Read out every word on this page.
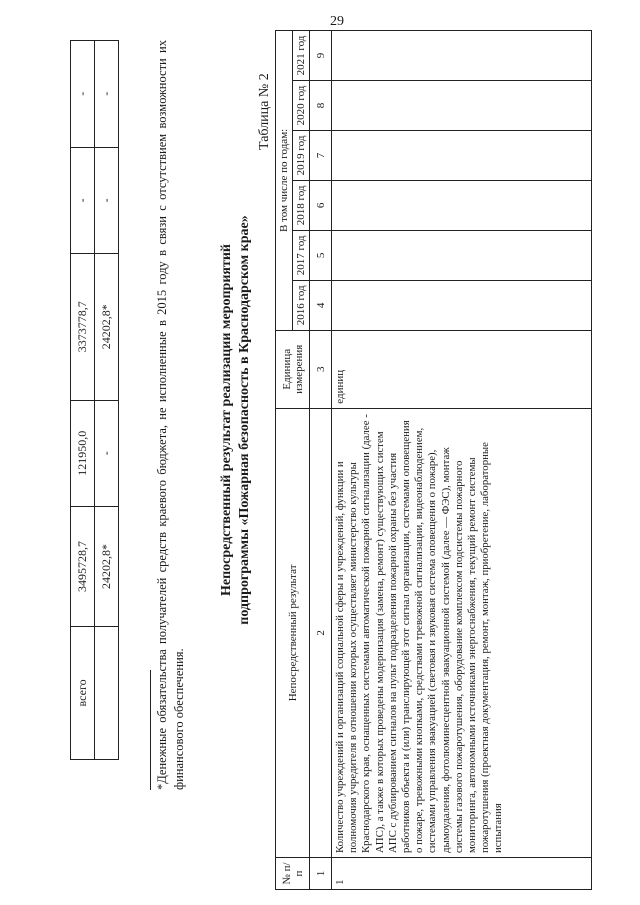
29
всего	3495728,7	121950,0	3373778,7	-	-
	24202,8*	-	24202,8*	-	-	*Денежные обязательства получателей средств краевого бюджета, не исполненные в 2015 году в связи с отсутствием возможности их финансового обеспечения.
Непосредственный результат реализации мероприятий подпрограммы «Пожарная безопасность в Краснодарском крае»
Таблица № 2
№ п/п	Непосредственный результат	Единица измерения	В том числе по годам:					
			2016 год	2017 год	2018 год	2019 год	2020 год	2021 год
1	2	3	4	5	6	7	8	9
1	Количество учреждений и организаций социальной сферы и учреждений, функции и полномочия учредителя в отношении которых осуществляет министерство культуры Краснодарского края, оснащенных системами автоматической пожарной сигнализации (далее - АПС), а также в которых проведены модернизация (замена, ремонт) существующих систем АПС с дублированием сигналов на пульт подразделения пожарной охраны без участия работников объекта и (или) транслирующей этот сигнал организации, системами оповещения о пожаре, тревожными кнопками, средствами тревожной сигнализации, видеонаблюдением, системами управления эвакуацией (световая и звуковая система оповещения о пожаре), дымоудаления, фотолюминесцентной эвакуационной системой (далее — ФЭС), монтаж системы газового пожаротушения, оборудование комплексом подсистемы пожарного мониторинга, автономными источниками энергоснабжения, текущий ремонт системы пожаротушения (проектная документация, ремонт, монтаж, приобретение, лабораторные испытания	единиц						
